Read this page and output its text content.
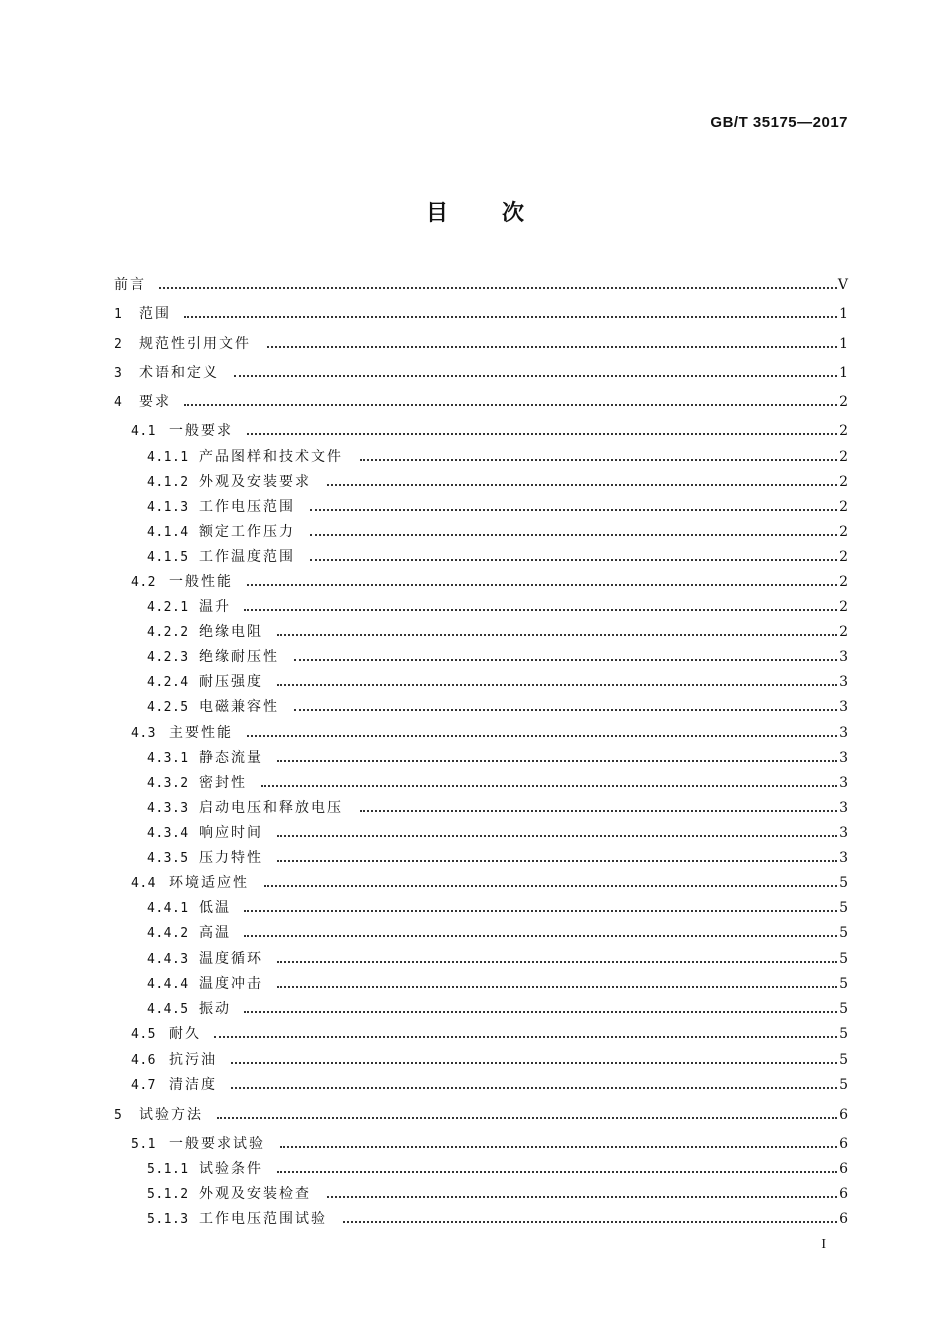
GB/T 35175—2017
目次
前言	V
1 范围	1
2 规范性引用文件	1
3 术语和定义	1
4 要求	2
4.1 一般要求	2
4.1.1 产品图样和技术文件	2
4.1.2 外观及安装要求	2
4.1.3 工作电压范围	2
4.1.4 额定工作压力	2
4.1.5 工作温度范围	2
4.2 一般性能	2
4.2.1 温升	2
4.2.2 绝缘电阻	2
4.2.3 绝缘耐压性	3
4.2.4 耐压强度	3
4.2.5 电磁兼容性	3
4.3 主要性能	3
4.3.1 静态流量	3
4.3.2 密封性	3
4.3.3 启动电压和释放电压	3
4.3.4 响应时间	3
4.3.5 压力特性	3
4.4 环境适应性	5
4.4.1 低温	5
4.4.2 高温	5
4.4.3 温度循环	5
4.4.4 温度冲击	5
4.4.5 振动	5
4.5 耐久	5
4.6 抗污油	5
4.7 清洁度	5
5 试验方法	6
5.1 一般要求试验	6
5.1.1 试验条件	6
5.1.2 外观及安装检查	6
5.1.3 工作电压范围试验	6
I
